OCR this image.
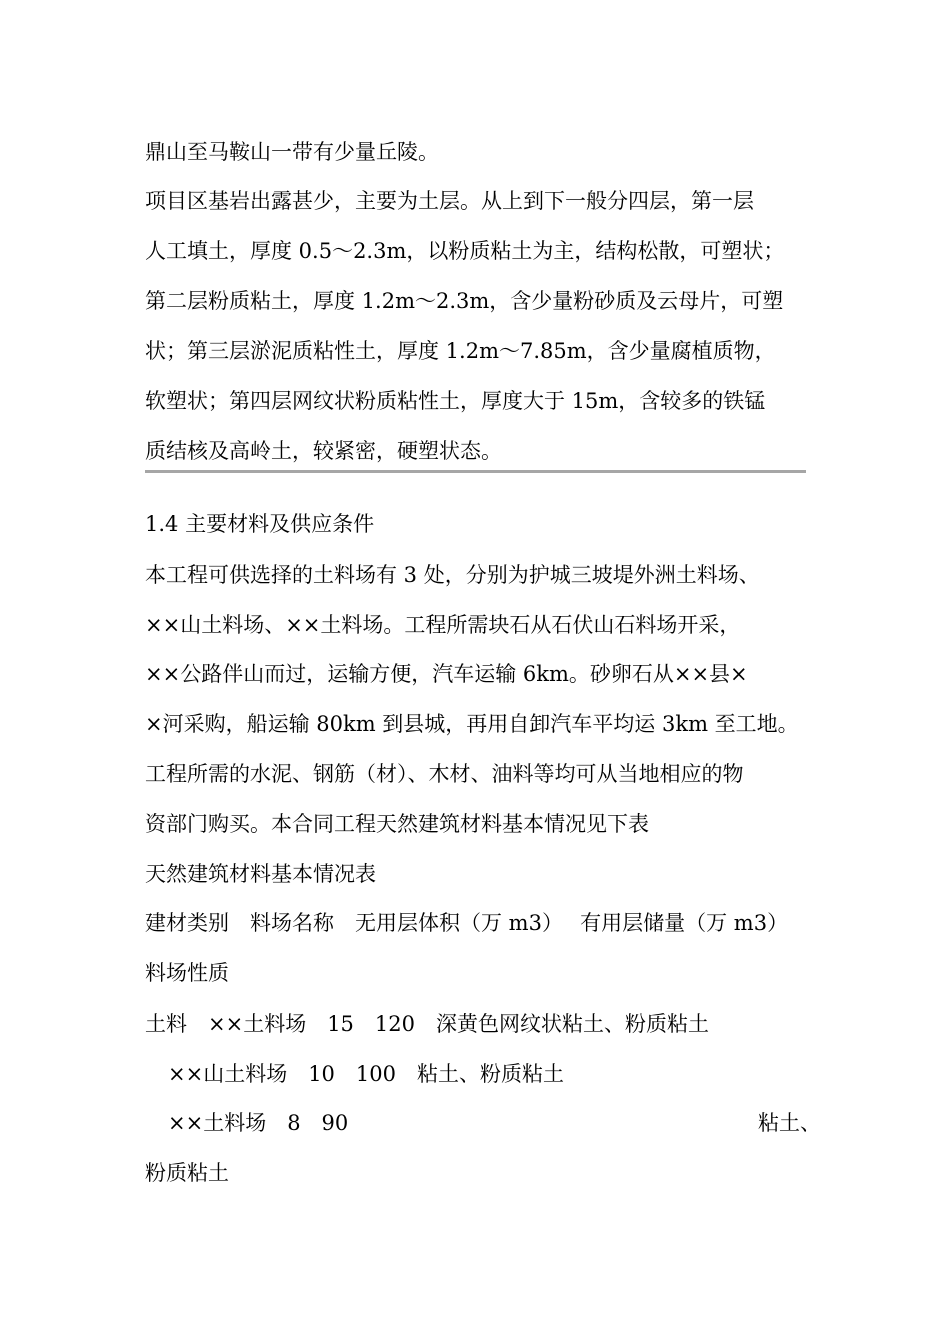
鼎山至马鞍山一带有少量丘陵。
项目区基岩出露甚少，主要为土层。从上到下一般分四层，第一层
人工填土，厚度 0.5～2.3m，以粉质粘土为主，结构松散，可塑状；
第二层粉质粘土，厚度 1.2m～2.3m，含少量粉砂质及云母片，可塑
状；第三层淤泥质粘性土，厚度 1.2m～7.85m，含少量腐植质物，
软塑状；第四层网纹状粉质粘性土，厚度大于 15m，含较多的铁锰
质结核及高岭土，较紧密，硬塑状态。
1.4 主要材料及供应条件
本工程可供选择的土料场有 3 处，分别为护城三坡堤外洲土料场、
××山土料场、××土料场。工程所需块石从石伏山石料场开采，
××公路伴山而过，运输方便，汽车运输 6km。砂卵石从××县×
×河采购，船运输 80km 到县城，再用自卸汽车平均运 3km 至工地。
工程所需的水泥、钢筋（材）、木材、油料等均可从当地相应的物
资部门购买。本合同工程天然建筑材料基本情况见下表
天然建筑材料基本情况表
建材类别　料场名称　无用层体积（万 m3）　 有用层储量（万 m3）
料场性质
土料　××土料场　15　120　深黄色网纹状粘土、粉质粘土
××山土料场　10　100　粘土、粉质粘土
××土料场　8　90	粘土、
粉质粘土
